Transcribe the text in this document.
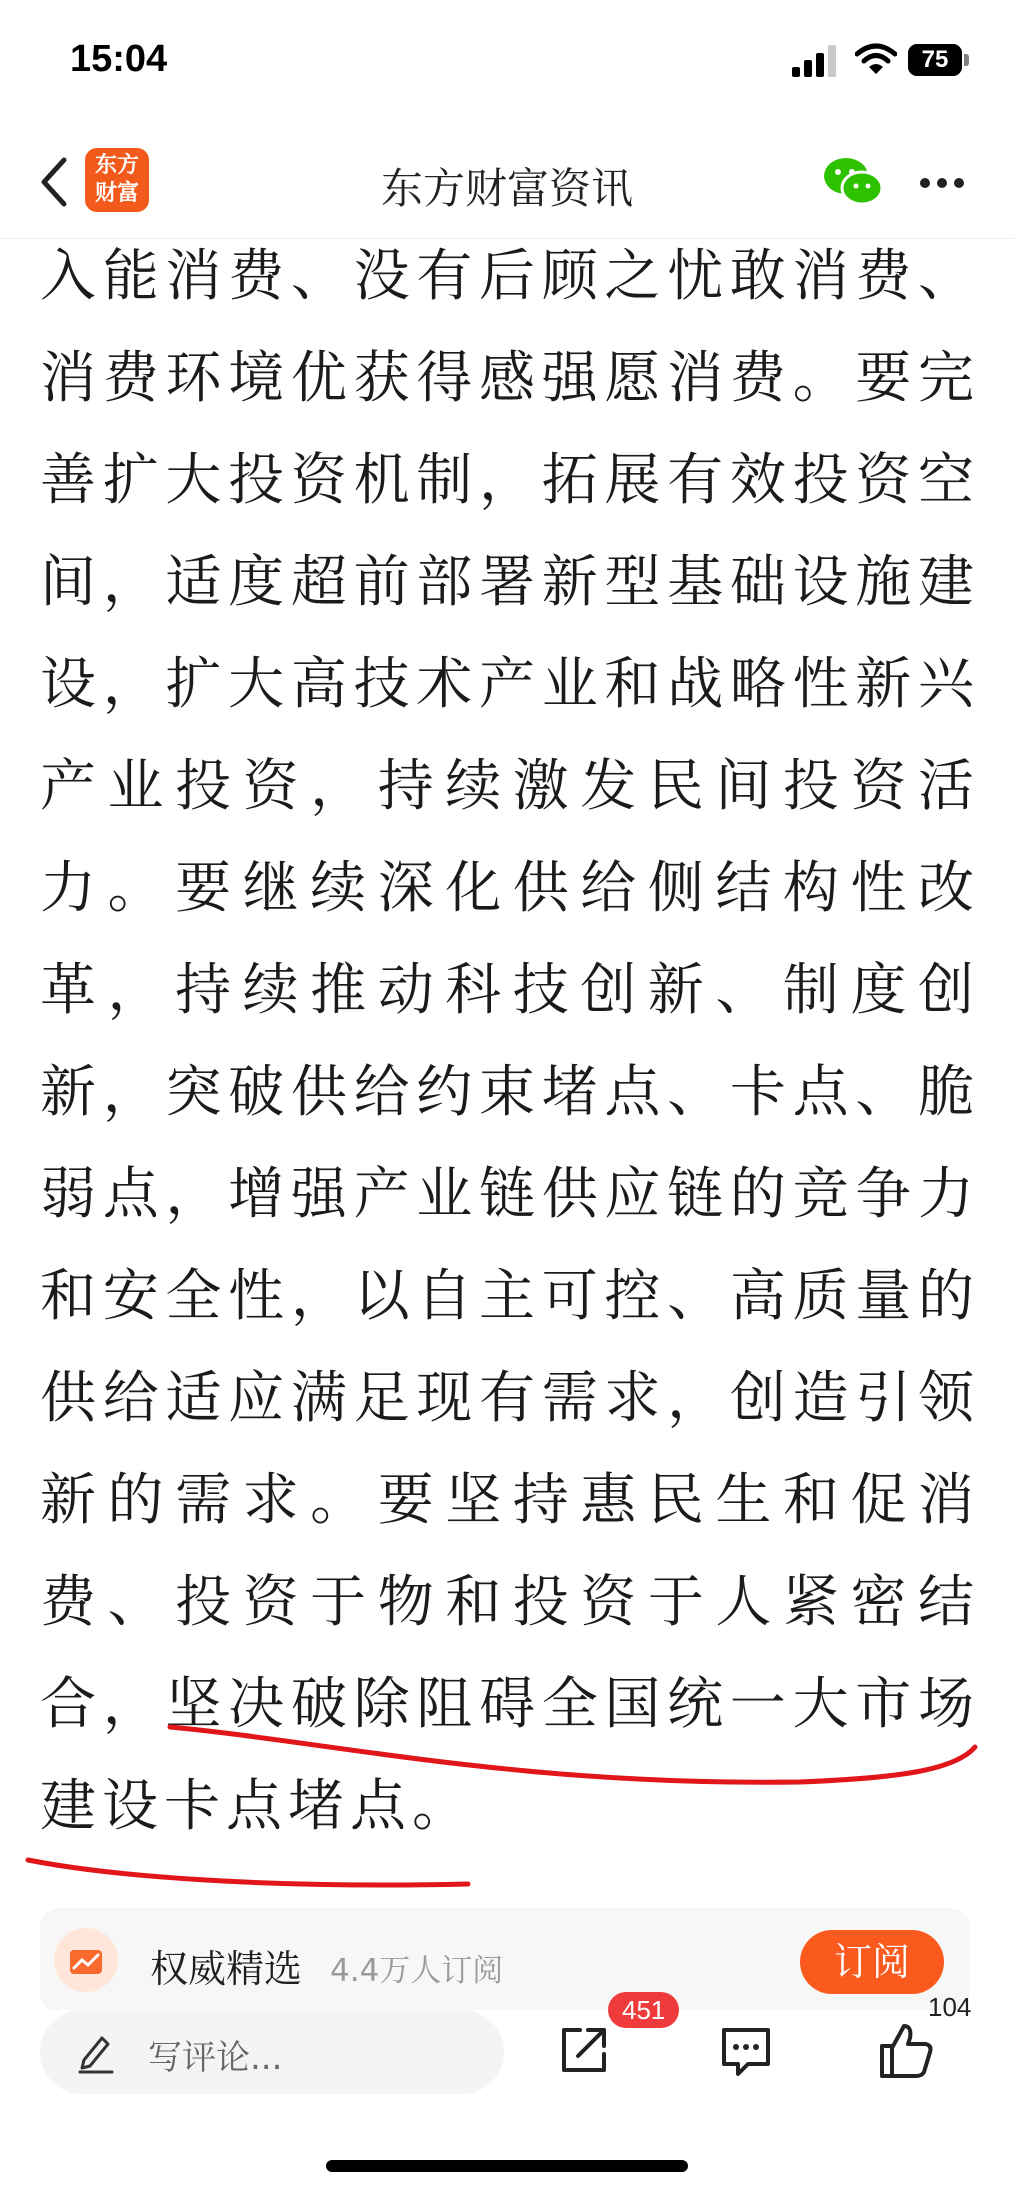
15:04	75
东方
财富	东方财富资讯

入能消费、没有后顾之忧敢消费、消费环境优获得感强愿消费。要完善扩大投资机制，拓展有效投资空间，适度超前部署新型基础设施建设，扩大高技术产业和战略性新兴产业投资，持续激发民间投资活力。要继续深化供给侧结构性改革，持续推动科技创新、制度创新，突破供给约束堵点、卡点、脆弱点，增强产业链供应链的竞争力和安全性，以自主可控、高质量的供给适应满足现有需求，创造引领新的需求。要坚持惠民生和促消费、投资于物和投资于人紧密结合，坚决破除阻碍全国统一大市场建设卡点堵点。

权威精选 4.4万人订阅	订阅
写评论...
451	104
